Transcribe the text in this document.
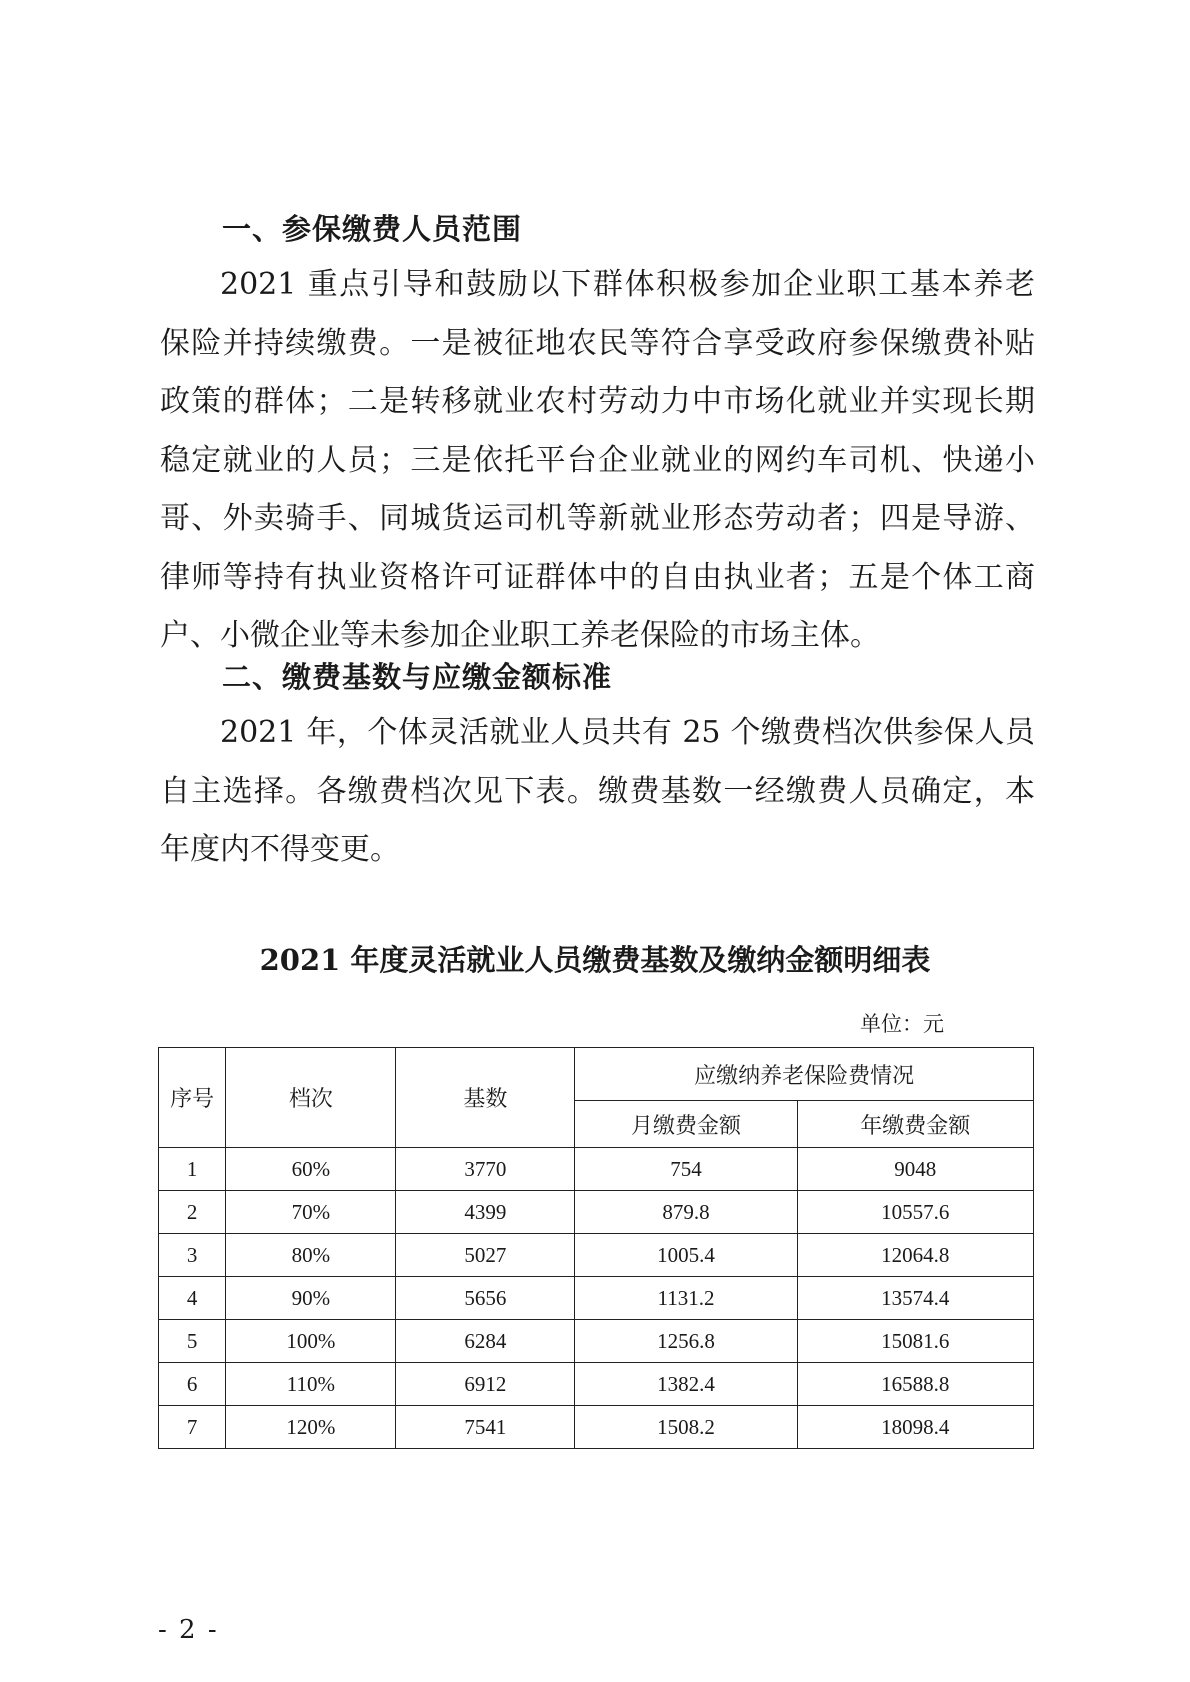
一、参保缴费人员范围
2021 重点引导和鼓励以下群体积极参加企业职工基本养老
保险并持续缴费。一是被征地农民等符合享受政府参保缴费补贴
政策的群体；二是转移就业农村劳动力中市场化就业并实现长期
稳定就业的人员；三是依托平台企业就业的网约车司机、快递小
哥、外卖骑手、同城货运司机等新就业形态劳动者；四是导游、
律师等持有执业资格许可证群体中的自由执业者；五是个体工商
户、小微企业等未参加企业职工养老保险的市场主体。
二、缴费基数与应缴金额标准
2021 年，个体灵活就业人员共有 25 个缴费档次供参保人员
自主选择。各缴费档次见下表。缴费基数一经缴费人员确定，本
年度内不得变更。
2021 年度灵活就业人员缴费基数及缴纳金额明细表
单位：元
序号	档次	基数	应缴纳养老保险费情况	
			月缴费金额	年缴费金额
1	60%	3770	754	9048
2	70%	4399	879.8	10557.6
3	80%	5027	1005.4	12064.8
4	90%	5656	1131.2	13574.4
5	100%	6284	1256.8	15081.6
6	110%	6912	1382.4	16588.8
7	120%	7541	1508.2	18098.4
- 2 -
